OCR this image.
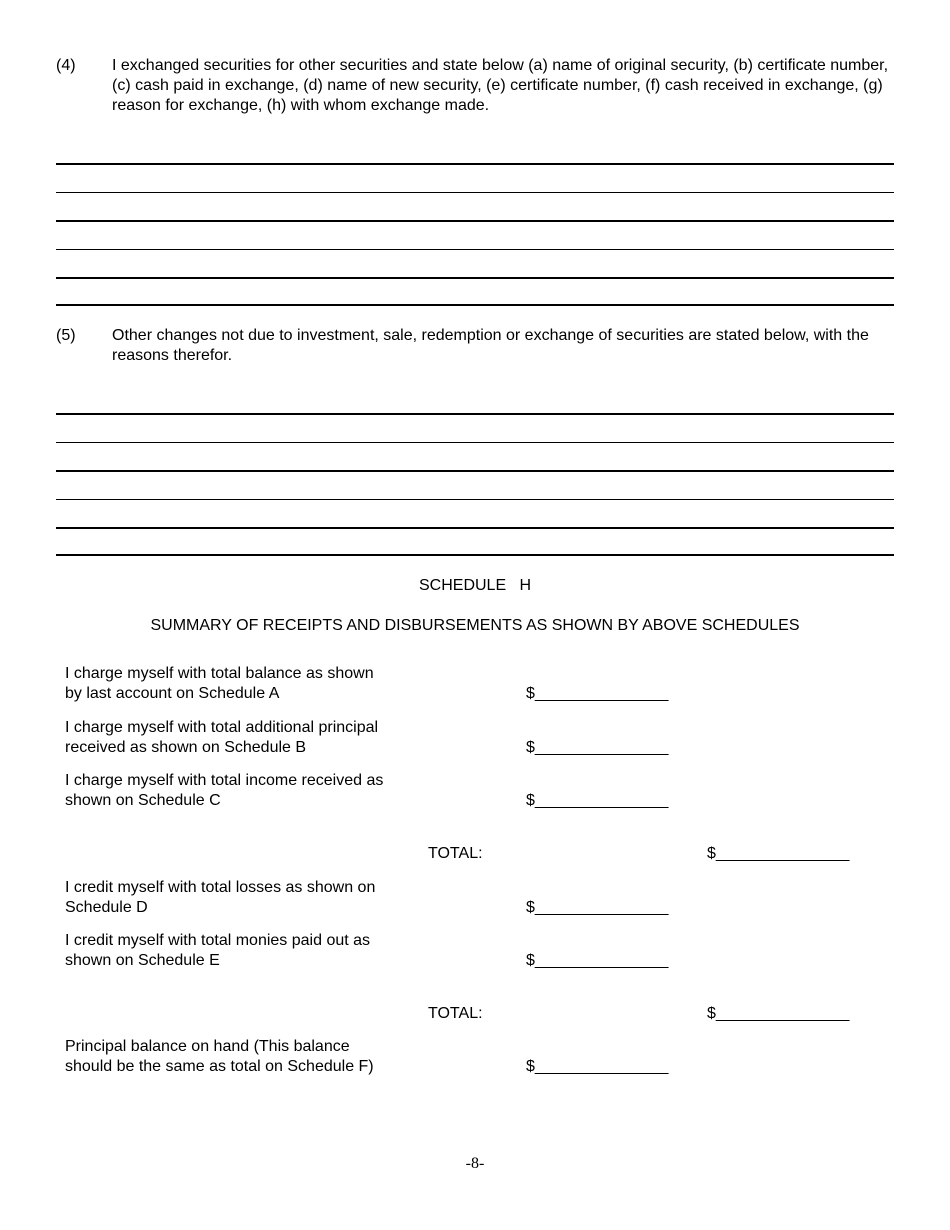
(4) I exchanged securities for other securities and state below (a) name of original security, (b) certificate number, (c) cash paid in exchange, (d) name of new security, (e) certificate number, (f) cash received in exchange, (g) reason for exchange, (h) with whom exchange made.
(5) Other changes not due to investment, sale, redemption or exchange of securities are stated below, with the reasons therefor.
SCHEDULE   H
SUMMARY OF RECEIPTS AND DISBURSEMENTS AS SHOWN BY ABOVE SCHEDULES
I charge myself with total balance as shown
by last account on Schedule A	$_______________
I charge myself with total additional principal
received as shown on Schedule B	$_______________
I charge myself with total income received as
shown on Schedule C	$_______________
TOTAL:	$_______________
I credit myself with total losses as shown on
Schedule D	$_______________
I credit myself with total monies paid out as
shown on Schedule E	$_______________
TOTAL:	$_______________
Principal balance on hand (This balance
should be the same as total on Schedule F)	$_______________
-8-
